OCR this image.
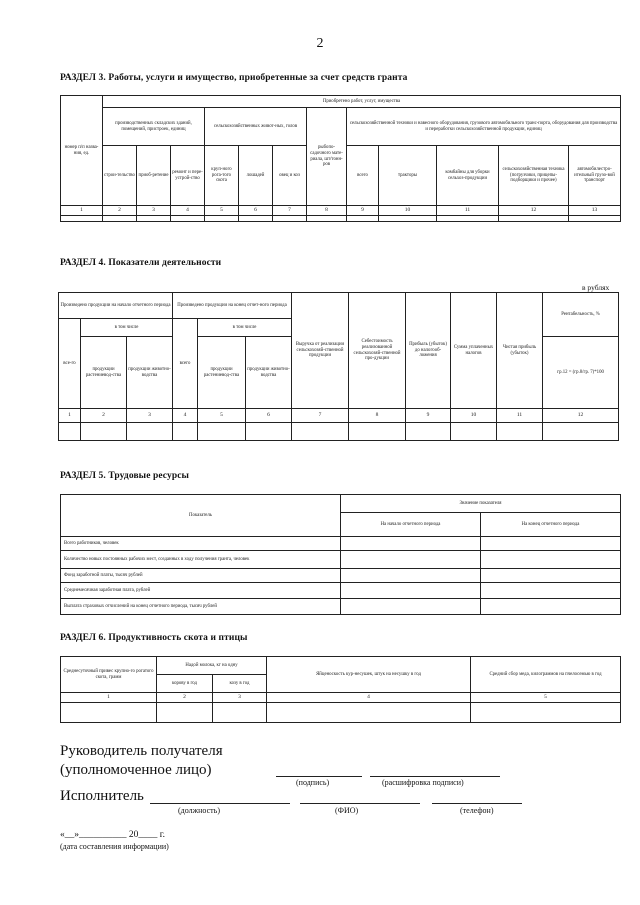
2
РАЗДЕЛ 3. Работы, услуги и имущество, приобретенные за счет средств гранта
номер п/п назва-ния, ед.	Приобретено работ, услуг, имущества											
	производственных складских зданий, помещений, пристроек, единиц			сельскохозяйственных живот-ных, голов			рыбопо-садочного мате-риала, шт/тонн-ров	сельскохозяйственной техники и навесного оборудования, грузового автомобильного транс-порта, оборудования для производства и переработки сельскохозяйственной продукции, единиц				
	строи-тельство	приоб-ретение	ремонт и пере-устрой-ство	круп-ного рога-того скота	лошадей	овец и коз		всего	тракторы	комбайны для уборки сельхоз-продукции	сельскохозяйственная техника (погрузчики, прицепы-подборщики и прочее)	автомобилестро-ительный грузо-вой транспорт
1	2	3	4	5	6	7	8	9	10	11	12	13

РАЗДЕЛ 4. Показатели деятельности
в рублях
Произведено продукции на начало отчетного периода			Произведено продукции на конец отчет-ного периода			Выручка от реализации сельскохозяй-ственной продукции	Себестоимость реализованной сельскохозяй-ственной про-дукции	Прибыль (убыток) до налогооб-ложения	Сумма уплаченных налогов	Чистая прибыль (убыток)	Рентабельность, %
все-го	в том числе		всего	в том числе							
	продукции растениевод-ства	продукции животно-водства		продукции растениевод-ства	продукции животно-водства						гр.12 = (гр.8/гр. 7)*100
1	2	3	4	5	6	7	8	9	10	11	12

РАЗДЕЛ 5. Трудовые ресурсы
Показатель	Значение показателя	
	На начало отчетного периода	На конец отчетного периода
Всего работников, человек		
Количество новых постоянных рабочих мест, созданных в ходу получения гранта, человек		
Фонд заработной платы, тысяч рублей		
Среднемесячная заработная плата, рублей		
Выплата страховых отчислений на конец отчетного периода, тысяч рублей		
РАЗДЕЛ 6. Продуктивность скота и птицы
Среднесуточный привес крупно-го рогатого скота, грамм	Надой молока, кг на одну		Яйценоскость кур-несушек, штук на несушку в год	Средний сбор меда, килограммов на пчелосемью в год
	корову в год	козу в год		
1	2	3	4	5

Руководитель получателя
(уполномоченное лицо)
(подпись)	(расшифровка подписи)
Исполнитель
(должность)	(ФИО)	(телефон)
«__»__________ 20____ г.
(дата составления информации)
